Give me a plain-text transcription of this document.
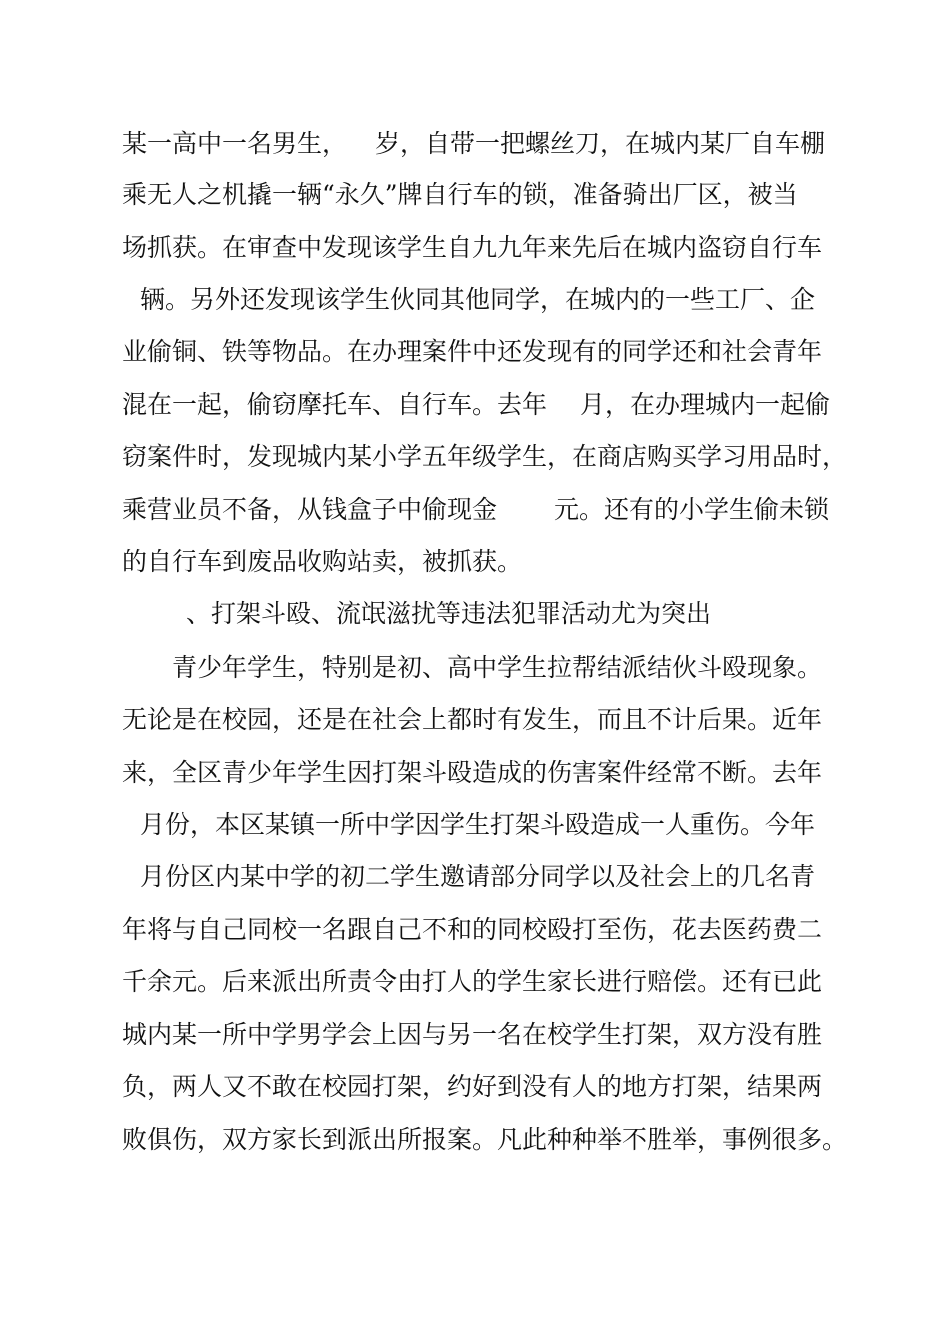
某一高中一名男生，

岁，自带一把螺丝刀，在城内某厂自车棚

乘无人之机撬一辆“永久”牌自行车的锁，准备骑出厂区，被当

场抓获。在审查中发现该学生自九九年来先后在城内盗窃自行车

辆。另外还发现该学生伙同其他同学，在城内的一些工厂、企

业偷铜、铁等物品。在办理案件中还发现有的同学还和社会青年

混在一起，偷窃摩托车、自行车。去年

月，在办理城内一起偷

窃案件时，发现城内某小学五年级学生，在商店购买学习用品时，

乘营业员不备，从钱盒子中偷现金

元。还有的小学生偷未锁

的自行车到废品收购站卖，被抓获。

、打架斗殴、流氓滋扰等违法犯罪活动尤为突出

青少年学生，特别是初、高中学生拉帮结派结伙斗殴现象。

无论是在校园，还是在社会上都时有发生，而且不计后果。近年

来，全区青少年学生因打架斗殴造成的伤害案件经常不断。去年

月份，本区某镇一所中学因学生打架斗殴造成一人重伤。今年

月份区内某中学的初二学生邀请部分同学以及社会上的几名青

年将与自己同校一名跟自己不和的同校殴打至伤，花去医药费二

千余元。后来派出所责令由打人的学生家长进行赔偿。还有已此

城内某一所中学男学会上因与另一名在校学生打架，双方没有胜

负，两人又不敢在校园打架，约好到没有人的地方打架，结果两

败俱伤，双方家长到派出所报案。凡此种种举不胜举，事例很多。
